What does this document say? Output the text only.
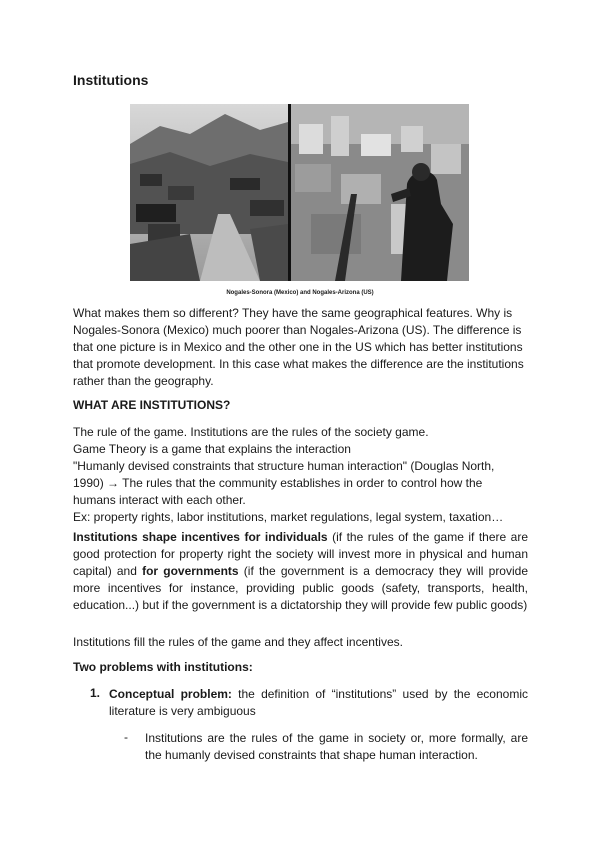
Institutions
Nogales-Sonora (Mexico) and Nogales-Arizona (US)

What makes them so different? They have the same geographical features. Why is Nogales-Sonora (Mexico) much poorer than Nogales-Arizona (US). The difference is that one picture is in Mexico and the other one in the US which has better institutions that promote development. In this case what makes the difference are the institutions rather than the geography.

WHAT ARE INSTITUTIONS?
The rule of the game. Institutions are the rules of the society game.
Game Theory is a game that explains the interaction
"Humanly devised constraints that structure human interaction" (Douglas North,
1990) → The rules that the community establishes in order to control how the
humans interact with each other.
Ex: property rights, labor institutions, market regulations, legal system, taxation…

Institutions shape incentives for individuals (if the rules of the game if there are good protection for property right the society will invest more in physical and human capital) and for governments (if the government is a democracy they will provide more incentives for instance, providing public goods (safety, transports, health, education...) but if the government is a dictatorship they will provide few public goods)

Institutions fill the rules of the game and they affect incentives.

Two problems with institutions:
1. Conceptual problem: the definition of “institutions” used by the economic literature is very ambiguous

- Institutions are the rules of the game in society or, more formally, are the humanly devised constraints that shape human interaction.
